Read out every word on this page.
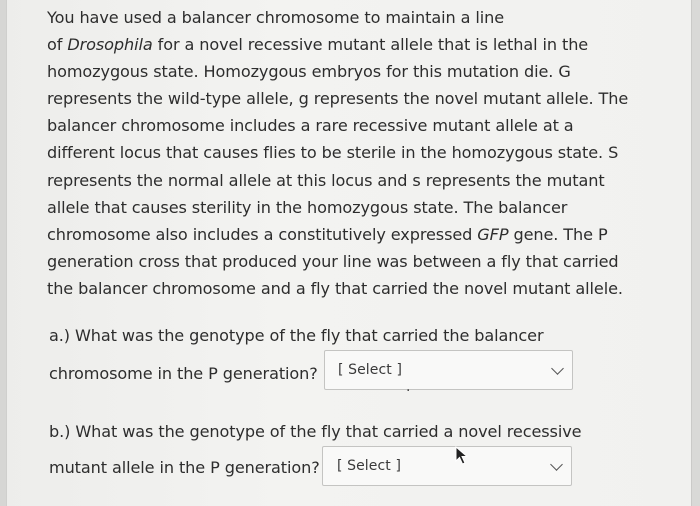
You have used a balancer chromosome to maintain a line
of Drosophila for a novel recessive mutant allele that is lethal in the
homozygous state. Homozygous embryos for this mutation die. G
represents the wild-type allele, g represents the novel mutant allele. The
balancer chromosome includes a rare recessive mutant allele at a
different locus that causes flies to be sterile in the homozygous state. S
represents the normal allele at this locus and s represents the mutant
allele that causes sterility in the homozygous state. The balancer
chromosome also includes a constitutively expressed GFP gene. The P
generation cross that produced your line was between a fly that carried
the balancer chromosome and a fly that carried the novel mutant allele.
a.) What was the genotype of the fly that carried the balancer
chromosome in the P generation? [ Select ]
.
b.) What was the genotype of the fly that carried a novel recessive
mutant allele in the P generation? [ Select ]
